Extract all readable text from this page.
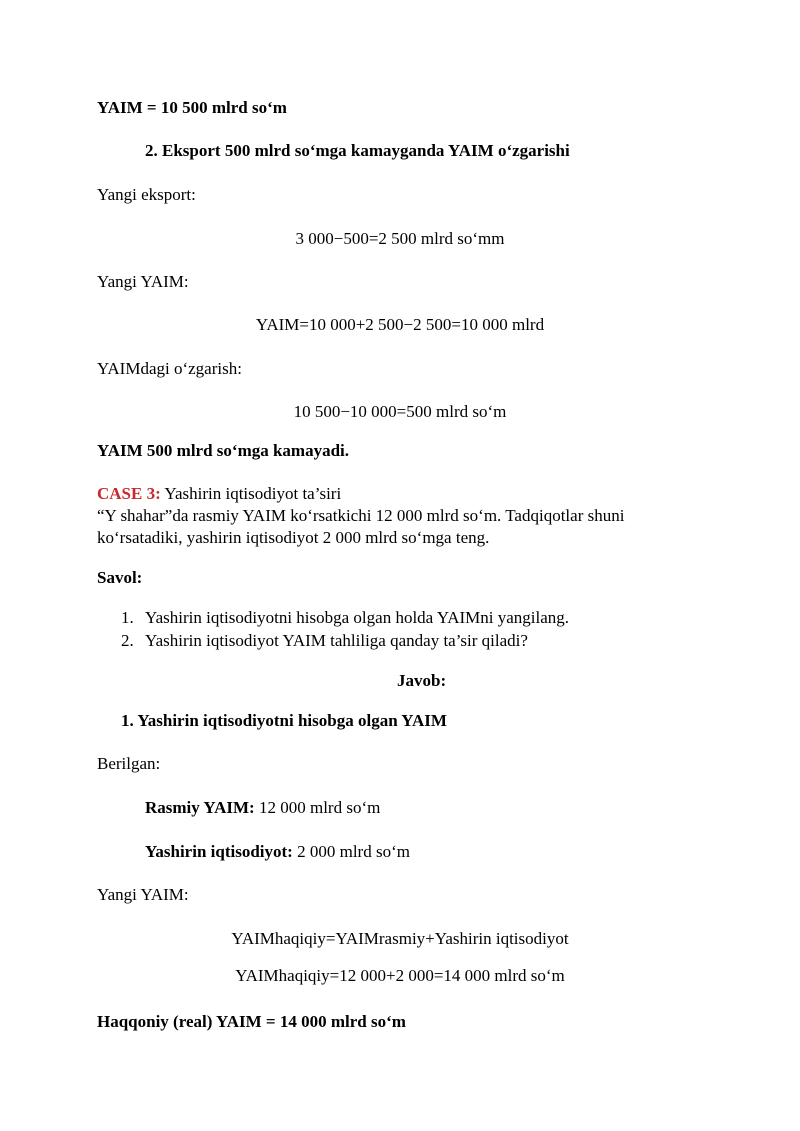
YAIM = 10 500 mlrd so‘m
2. Eksport 500 mlrd so‘mga kamayganda YAIM o‘zgarishi
Yangi eksport:
3 000−500=2 500 mlrd so‘mm
Yangi YAIM:
YAIM=10 000+2 500−2 500=10 000 mlrd
YAIMdagi o‘zgarish:
10 500−10 000=500 mlrd so‘m
YAIM 500 mlrd so‘mga kamayadi.
CASE 3: Yashirin iqtisodiyot ta’siri
“Y shahar”da rasmiy YAIM ko‘rsatkichi 12 000 mlrd so‘m. Tadqiqotlar shuni
ko‘rsatadiki, yashirin iqtisodiyot 2 000 mlrd so‘mga teng.
Savol:
1. Yashirin iqtisodiyotni hisobga olgan holda YAIMni yangilang.
2. Yashirin iqtisodiyot YAIM tahliliga qanday ta’sir qiladi?
Javob:
1. Yashirin iqtisodiyotni hisobga olgan YAIM
Berilgan:
Rasmiy YAIM: 12 000 mlrd so‘m
Yashirin iqtisodiyot: 2 000 mlrd so‘m
Yangi YAIM:
YAIMhaqiqiy=YAIMrasmiy+Yashirin iqtisodiyot
YAIMhaqiqiy=12 000+2 000=14 000 mlrd so‘m
Haqqoniy (real) YAIM = 14 000 mlrd so‘m
